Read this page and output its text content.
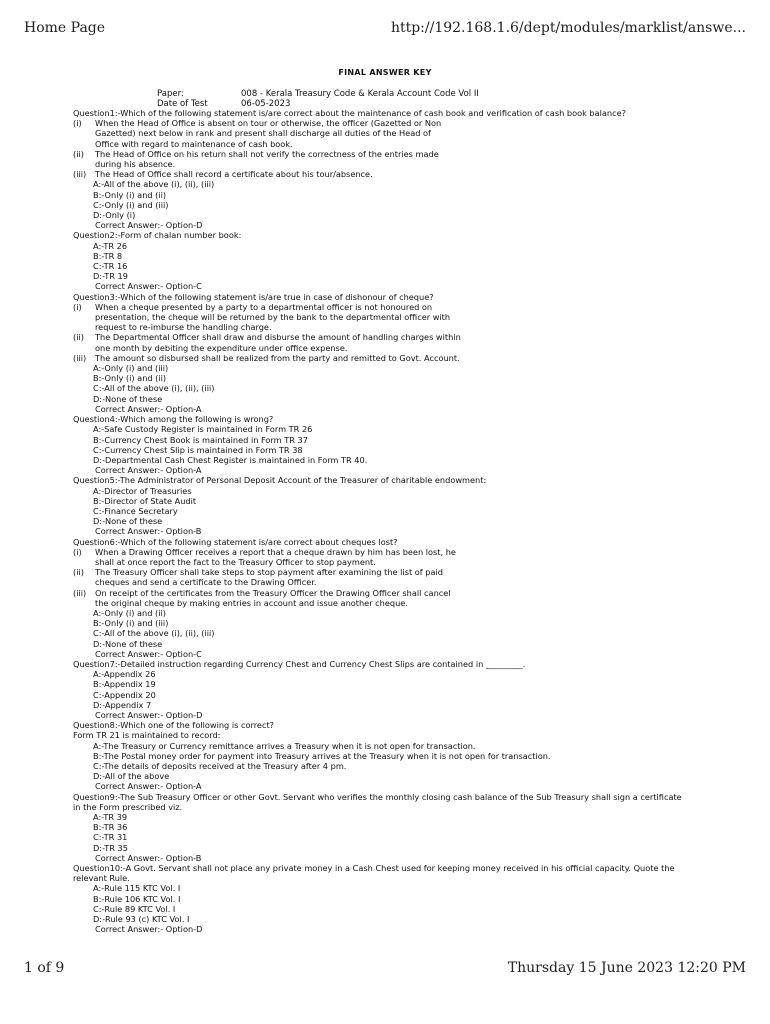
Home Page	http://192.168.1.6/dept/modules/marklist/answe...
FINAL ANSWER KEY
Paper:	008 - Kerala Treasury Code & Kerala Account Code Vol II
Date of Test	06-05-2023
Question1:-Which of the following statement is/are correct about the maintenance of cash book and verification of cash book balance?
(i) When the Head of Office is absent on tour or otherwise, the officer (Gazetted or Non
Gazetted) next below in rank and present shall discharge all duties of the Head of
Office with regard to maintenance of cash book.
(ii) The Head of Office on his return shall not verify the correctness of the entries made
during his absence.
(iii) The Head of Office shall record a certificate about his tour/absence.
A:-All of the above (i), (ii), (iii)
B:-Only (i) and (ii)
C:-Only (i) and (iii)
D:-Only (i)
Correct Answer:- Option-D
Question2:-Form of chalan number book:
A:-TR 26
B:-TR 8
C:-TR 16
D:-TR 19
Correct Answer:- Option-C
Question3:-Which of the following statement is/are true in case of dishonour of cheque?
(i) When a cheque presented by a party to a departmental officer is not honoured on
presentation, the cheque will be returned by the bank to the departmental officer with
request to re-imburse the handling charge.
(ii) The Departmental Officer shall draw and disburse the amount of handling charges within
one month by debiting the expenditure under office expense.
(iii) The amount so disbursed shall be realized from the party and remitted to Govt. Account.
A:-Only (i) and (iii)
B:-Only (i) and (ii)
C:-All of the above (i), (ii), (iii)
D:-None of these
Correct Answer:- Option-A
Question4:-Which among the following is wrong?
A:-Safe Custody Register is maintained in Form TR 26
B:-Currency Chest Book is maintained in Form TR 37
C:-Currency Chest Slip is maintained in Form TR 38
D:-Departmental Cash Chest Register is maintained in Form TR 40.
Correct Answer:- Option-A
Question5:-The Administrator of Personal Deposit Account of the Treasurer of charitable endowment:
A:-Director of Treasuries
B:-Director of State Audit
C:-Finance Secretary
D:-None of these
Correct Answer:- Option-B
Question6:-Which of the following statement is/are correct about cheques lost?
(i) When a Drawing Officer receives a report that a cheque drawn by him has been lost, he
shall at once report the fact to the Treasury Officer to stop payment.
(ii) The Treasury Officer shall take steps to stop payment after examining the list of paid
cheques and send a certificate to the Drawing Officer.
(iii) On receipt of the certificates from the Treasury Officer the Drawing Officer shall cancel
the original cheque by making entries in account and issue another cheque.
A:-Only (i) and (ii)
B:-Only (i) and (iii)
C:-All of the above (i), (ii), (iii)
D:-None of these
Correct Answer:- Option-C
Question7:-Detailed instruction regarding Currency Chest and Currency Chest Slips are contained in _________.
A:-Appendix 26
B:-Appendix 19
C:-Appendix 20
D:-Appendix 7
Correct Answer:- Option-D
Question8:-Which one of the following is correct?
Form TR 21 is maintained to record:
A:-The Treasury or Currency remittance arrives a Treasury when it is not open for transaction.
B:-The Postal money order for payment into Treasury arrives at the Treasury when it is not open for transaction.
C:-The details of deposits received at the Treasury after 4 pm.
D:-All of the above
Correct Answer:- Option-A
Question9:-The Sub Treasury Officer or other Govt. Servant who verifies the monthly closing cash balance of the Sub Treasury shall sign a certificate
in the Form prescribed viz.
A:-TR 39
B:-TR 36
C:-TR 31
D:-TR 35
Correct Answer:- Option-B
Question10:-A Govt. Servant shall not place any private money in a Cash Chest used for keeping money received in his official capacity. Quote the
relevant Rule.
A:-Rule 115 KTC Vol. I
B:-Rule 106 KTC Vol. I
C:-Rule 89 KTC Vol. I
D:-Rule 93 (c) KTC Vol. I
Correct Answer:- Option-D
1 of 9	Thursday 15 June 2023 12:20 PM
